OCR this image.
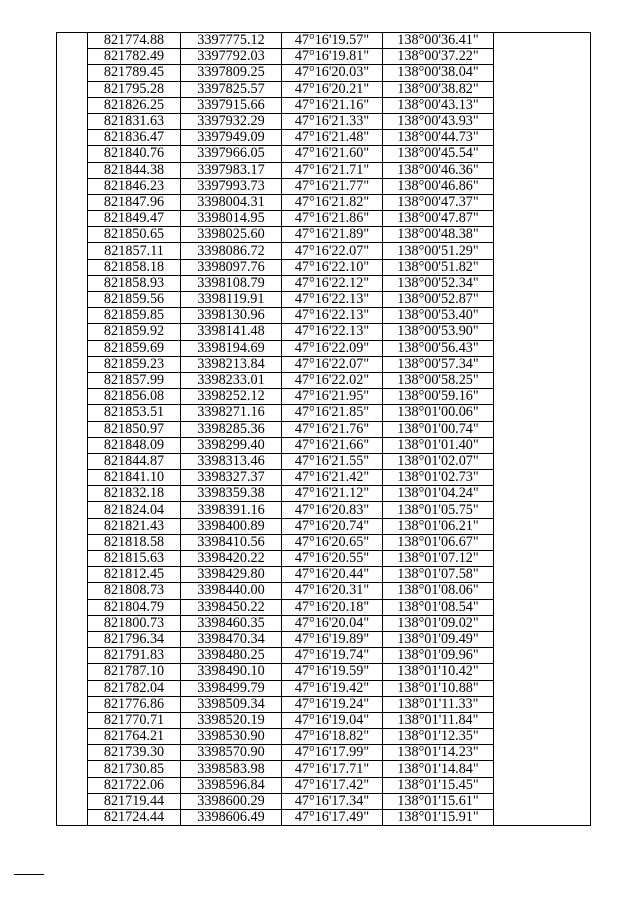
	821774.88	3397775.12	47°16'19.57"	138°00'36.41"	
	821782.49	3397792.03	47°16'19.81"	138°00'37.22"	
	821789.45	3397809.25	47°16'20.03"	138°00'38.04"	
	821795.28	3397825.57	47°16'20.21"	138°00'38.82"	
	821826.25	3397915.66	47°16'21.16"	138°00'43.13"	
	821831.63	3397932.29	47°16'21.33"	138°00'43.93"	
	821836.47	3397949.09	47°16'21.48"	138°00'44.73"	
	821840.76	3397966.05	47°16'21.60"	138°00'45.54"	
	821844.38	3397983.17	47°16'21.71"	138°00'46.36"	
	821846.23	3397993.73	47°16'21.77"	138°00'46.86"	
	821847.96	3398004.31	47°16'21.82"	138°00'47.37"	
	821849.47	3398014.95	47°16'21.86"	138°00'47.87"	
	821850.65	3398025.60	47°16'21.89"	138°00'48.38"	
	821857.11	3398086.72	47°16'22.07"	138°00'51.29"	
	821858.18	3398097.76	47°16'22.10"	138°00'51.82"	
	821858.93	3398108.79	47°16'22.12"	138°00'52.34"	
	821859.56	3398119.91	47°16'22.13"	138°00'52.87"	
	821859.85	3398130.96	47°16'22.13"	138°00'53.40"	
	821859.92	3398141.48	47°16'22.13"	138°00'53.90"	
	821859.69	3398194.69	47°16'22.09"	138°00'56.43"	
	821859.23	3398213.84	47°16'22.07"	138°00'57.34"	
	821857.99	3398233.01	47°16'22.02"	138°00'58.25"	
	821856.08	3398252.12	47°16'21.95"	138°00'59.16"	
	821853.51	3398271.16	47°16'21.85"	138°01'00.06"	
	821850.97	3398285.36	47°16'21.76"	138°01'00.74"	
	821848.09	3398299.40	47°16'21.66"	138°01'01.40"	
	821844.87	3398313.46	47°16'21.55"	138°01'02.07"	
	821841.10	3398327.37	47°16'21.42"	138°01'02.73"	
	821832.18	3398359.38	47°16'21.12"	138°01'04.24"	
	821824.04	3398391.16	47°16'20.83"	138°01'05.75"	
	821821.43	3398400.89	47°16'20.74"	138°01'06.21"	
	821818.58	3398410.56	47°16'20.65"	138°01'06.67"	
	821815.63	3398420.22	47°16'20.55"	138°01'07.12"	
	821812.45	3398429.80	47°16'20.44"	138°01'07.58"	
	821808.73	3398440.00	47°16'20.31"	138°01'08.06"	
	821804.79	3398450.22	47°16'20.18"	138°01'08.54"	
	821800.73	3398460.35	47°16'20.04"	138°01'09.02"	
	821796.34	3398470.34	47°16'19.89"	138°01'09.49"	
	821791.83	3398480.25	47°16'19.74"	138°01'09.96"	
	821787.10	3398490.10	47°16'19.59"	138°01'10.42"	
	821782.04	3398499.79	47°16'19.42"	138°01'10.88"	
	821776.86	3398509.34	47°16'19.24"	138°01'11.33"	
	821770.71	3398520.19	47°16'19.04"	138°01'11.84"	
	821764.21	3398530.90	47°16'18.82"	138°01'12.35"	
	821739.30	3398570.90	47°16'17.99"	138°01'14.23"	
	821730.85	3398583.98	47°16'17.71"	138°01'14.84"	
	821722.06	3398596.84	47°16'17.42"	138°01'15.45"	
	821719.44	3398600.29	47°16'17.34"	138°01'15.61"	
	821724.44	3398606.49	47°16'17.49"	138°01'15.91"	
